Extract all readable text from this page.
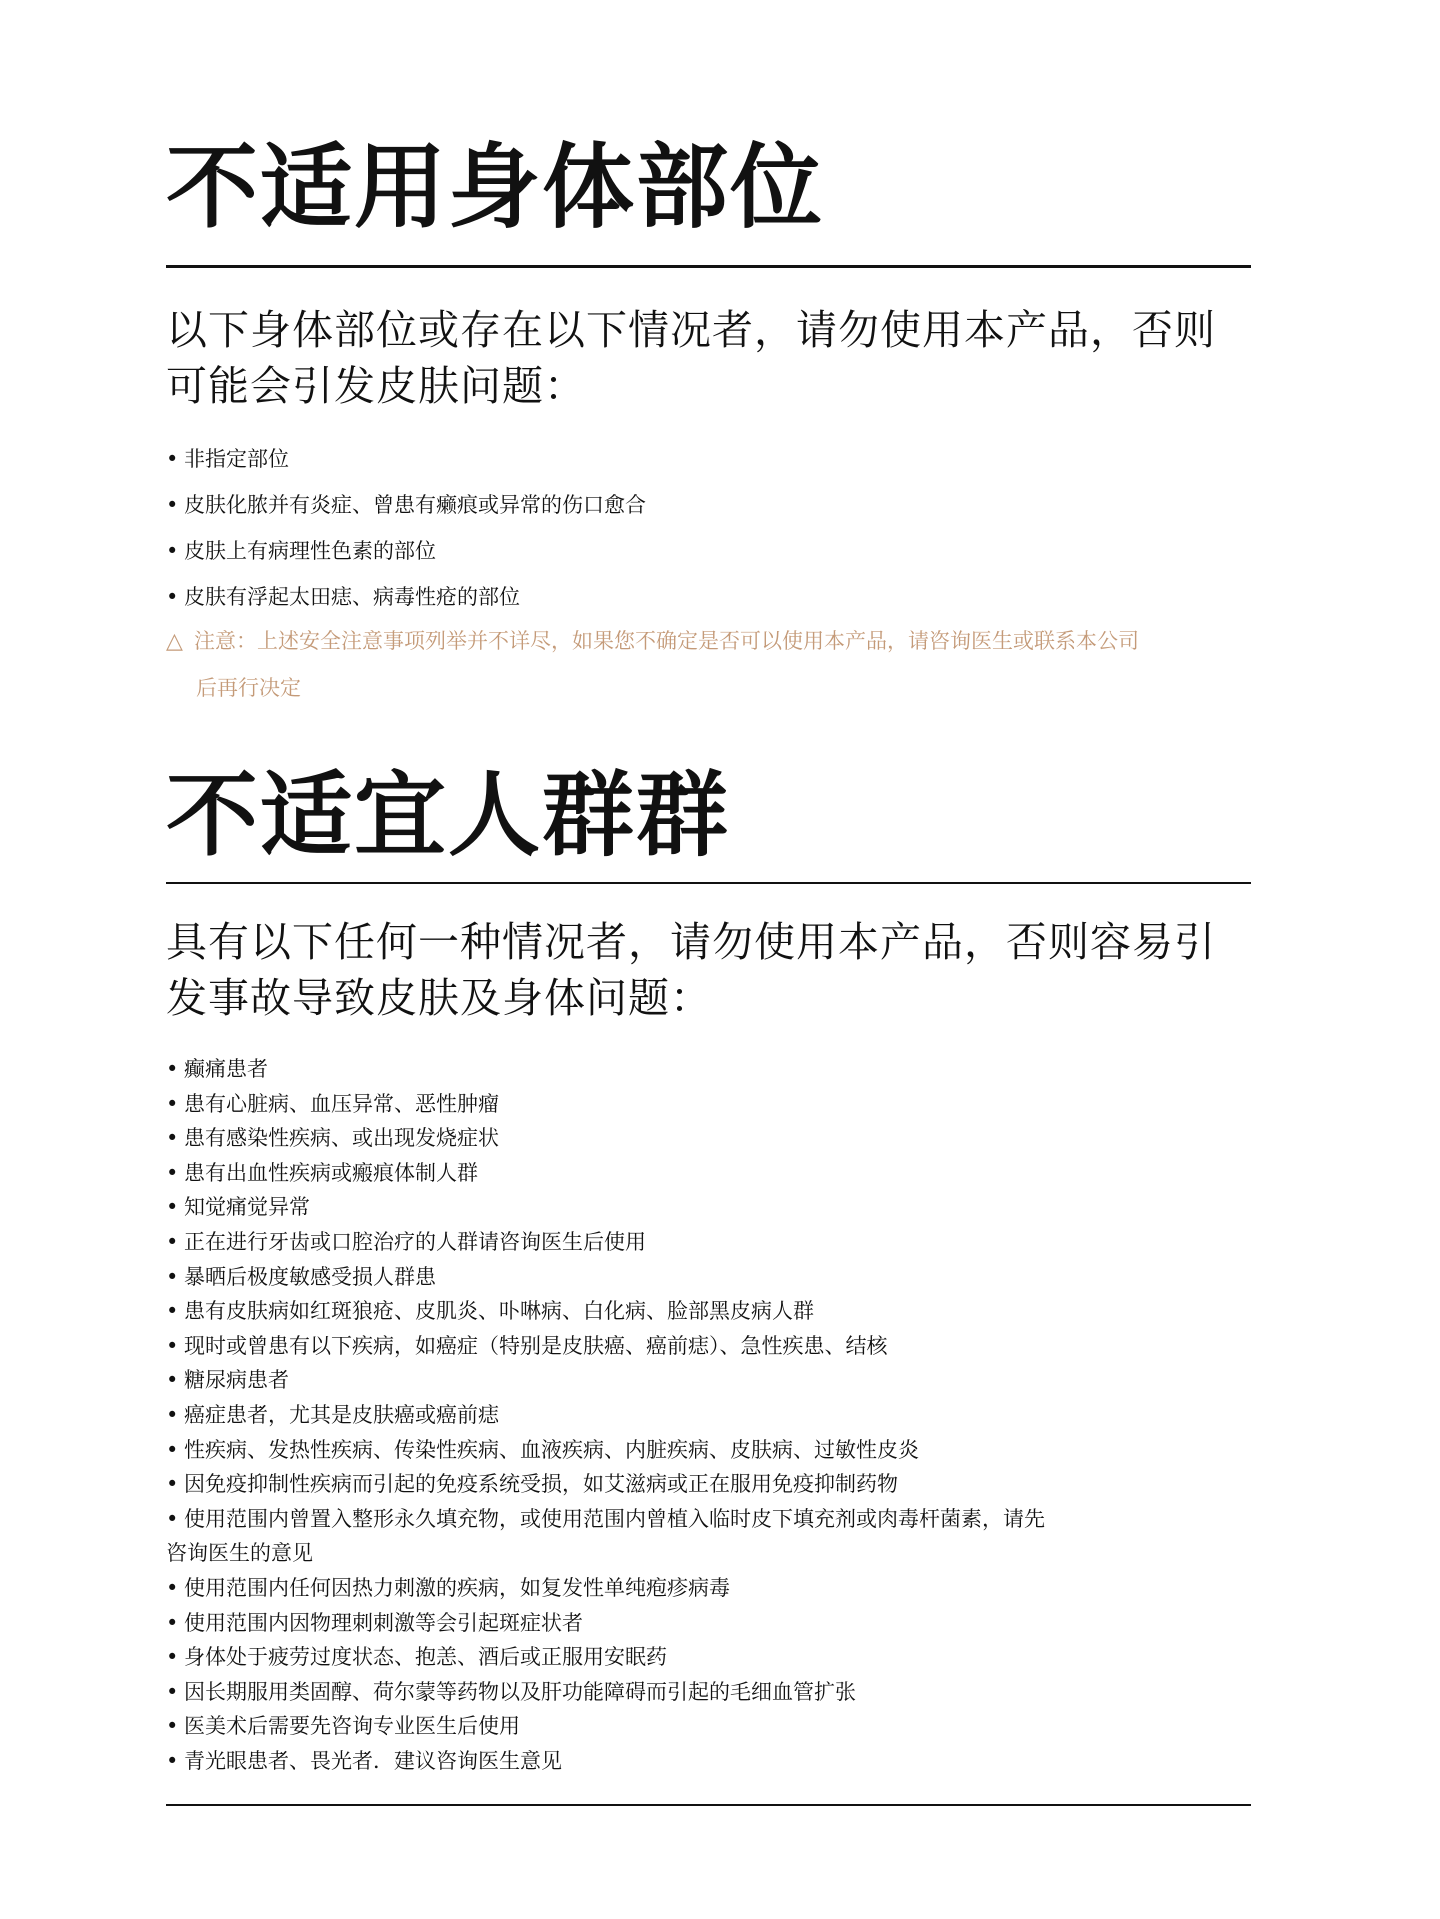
不适用身体部位

以下身体部位或存在以下情况者，请勿使用本产品，否则可能会引发皮肤问题：

• 非指定部位
• 皮肤化脓并有炎症、曾患有癞痕或异常的伤口愈合
• 皮肤上有病理性色素的部位
• 皮肤有浮起太田痣、病毒性疮的部位
△ 注意：上述安全注意事项列举并不详尽，如果您不确定是否可以使用本产品，请咨询医生或联系本公司
后再行决定
不适宜人群群

具有以下任何一种情况者，请勿使用本产品，否则容易引发事故导致皮肤及身体问题：

• 癫痛患者
• 患有心脏病、血压异常、恶性肿瘤
• 患有感染性疾病、或出现发烧症状
• 患有出血性疾病或瘢痕体制人群
• 知觉痛觉异常
• 正在进行牙齿或口腔治疗的人群请咨询医生后使用
• 暴晒后极度敏感受损人群患
• 患有皮肤病如红斑狼疮、皮肌炎、卟啉病、白化病、脸部黑皮病人群
• 现时或曾患有以下疾病，如癌症（特别是皮肤癌、癌前痣）、急性疾患、结核
• 糖尿病患者
• 癌症患者，尤其是皮肤癌或癌前痣
• 性疾病、发热性疾病、传染性疾病、血液疾病、内脏疾病、皮肤病、过敏性皮炎
• 因免疫抑制性疾病而引起的免疫系统受损，如艾滋病或正在服用免疫抑制药物
• 使用范围内曾置入整形永久填充物，或使用范围内曾植入临时皮下填充剂或肉毒杆菌素，请先
咨询医生的意见
• 使用范围内任何因热力刺激的疾病，如复发性单纯疱疹病毒
• 使用范围内因物理刺刺激等会引起斑症状者
• 身体处于疲劳过度状态、抱恙、酒后或正服用安眠药
• 因长期服用类固醇、荷尔蒙等药物以及肝功能障碍而引起的毛细血管扩张
• 医美术后需要先咨询专业医生后使用
• 青光眼患者、畏光者．建议咨询医生意见
